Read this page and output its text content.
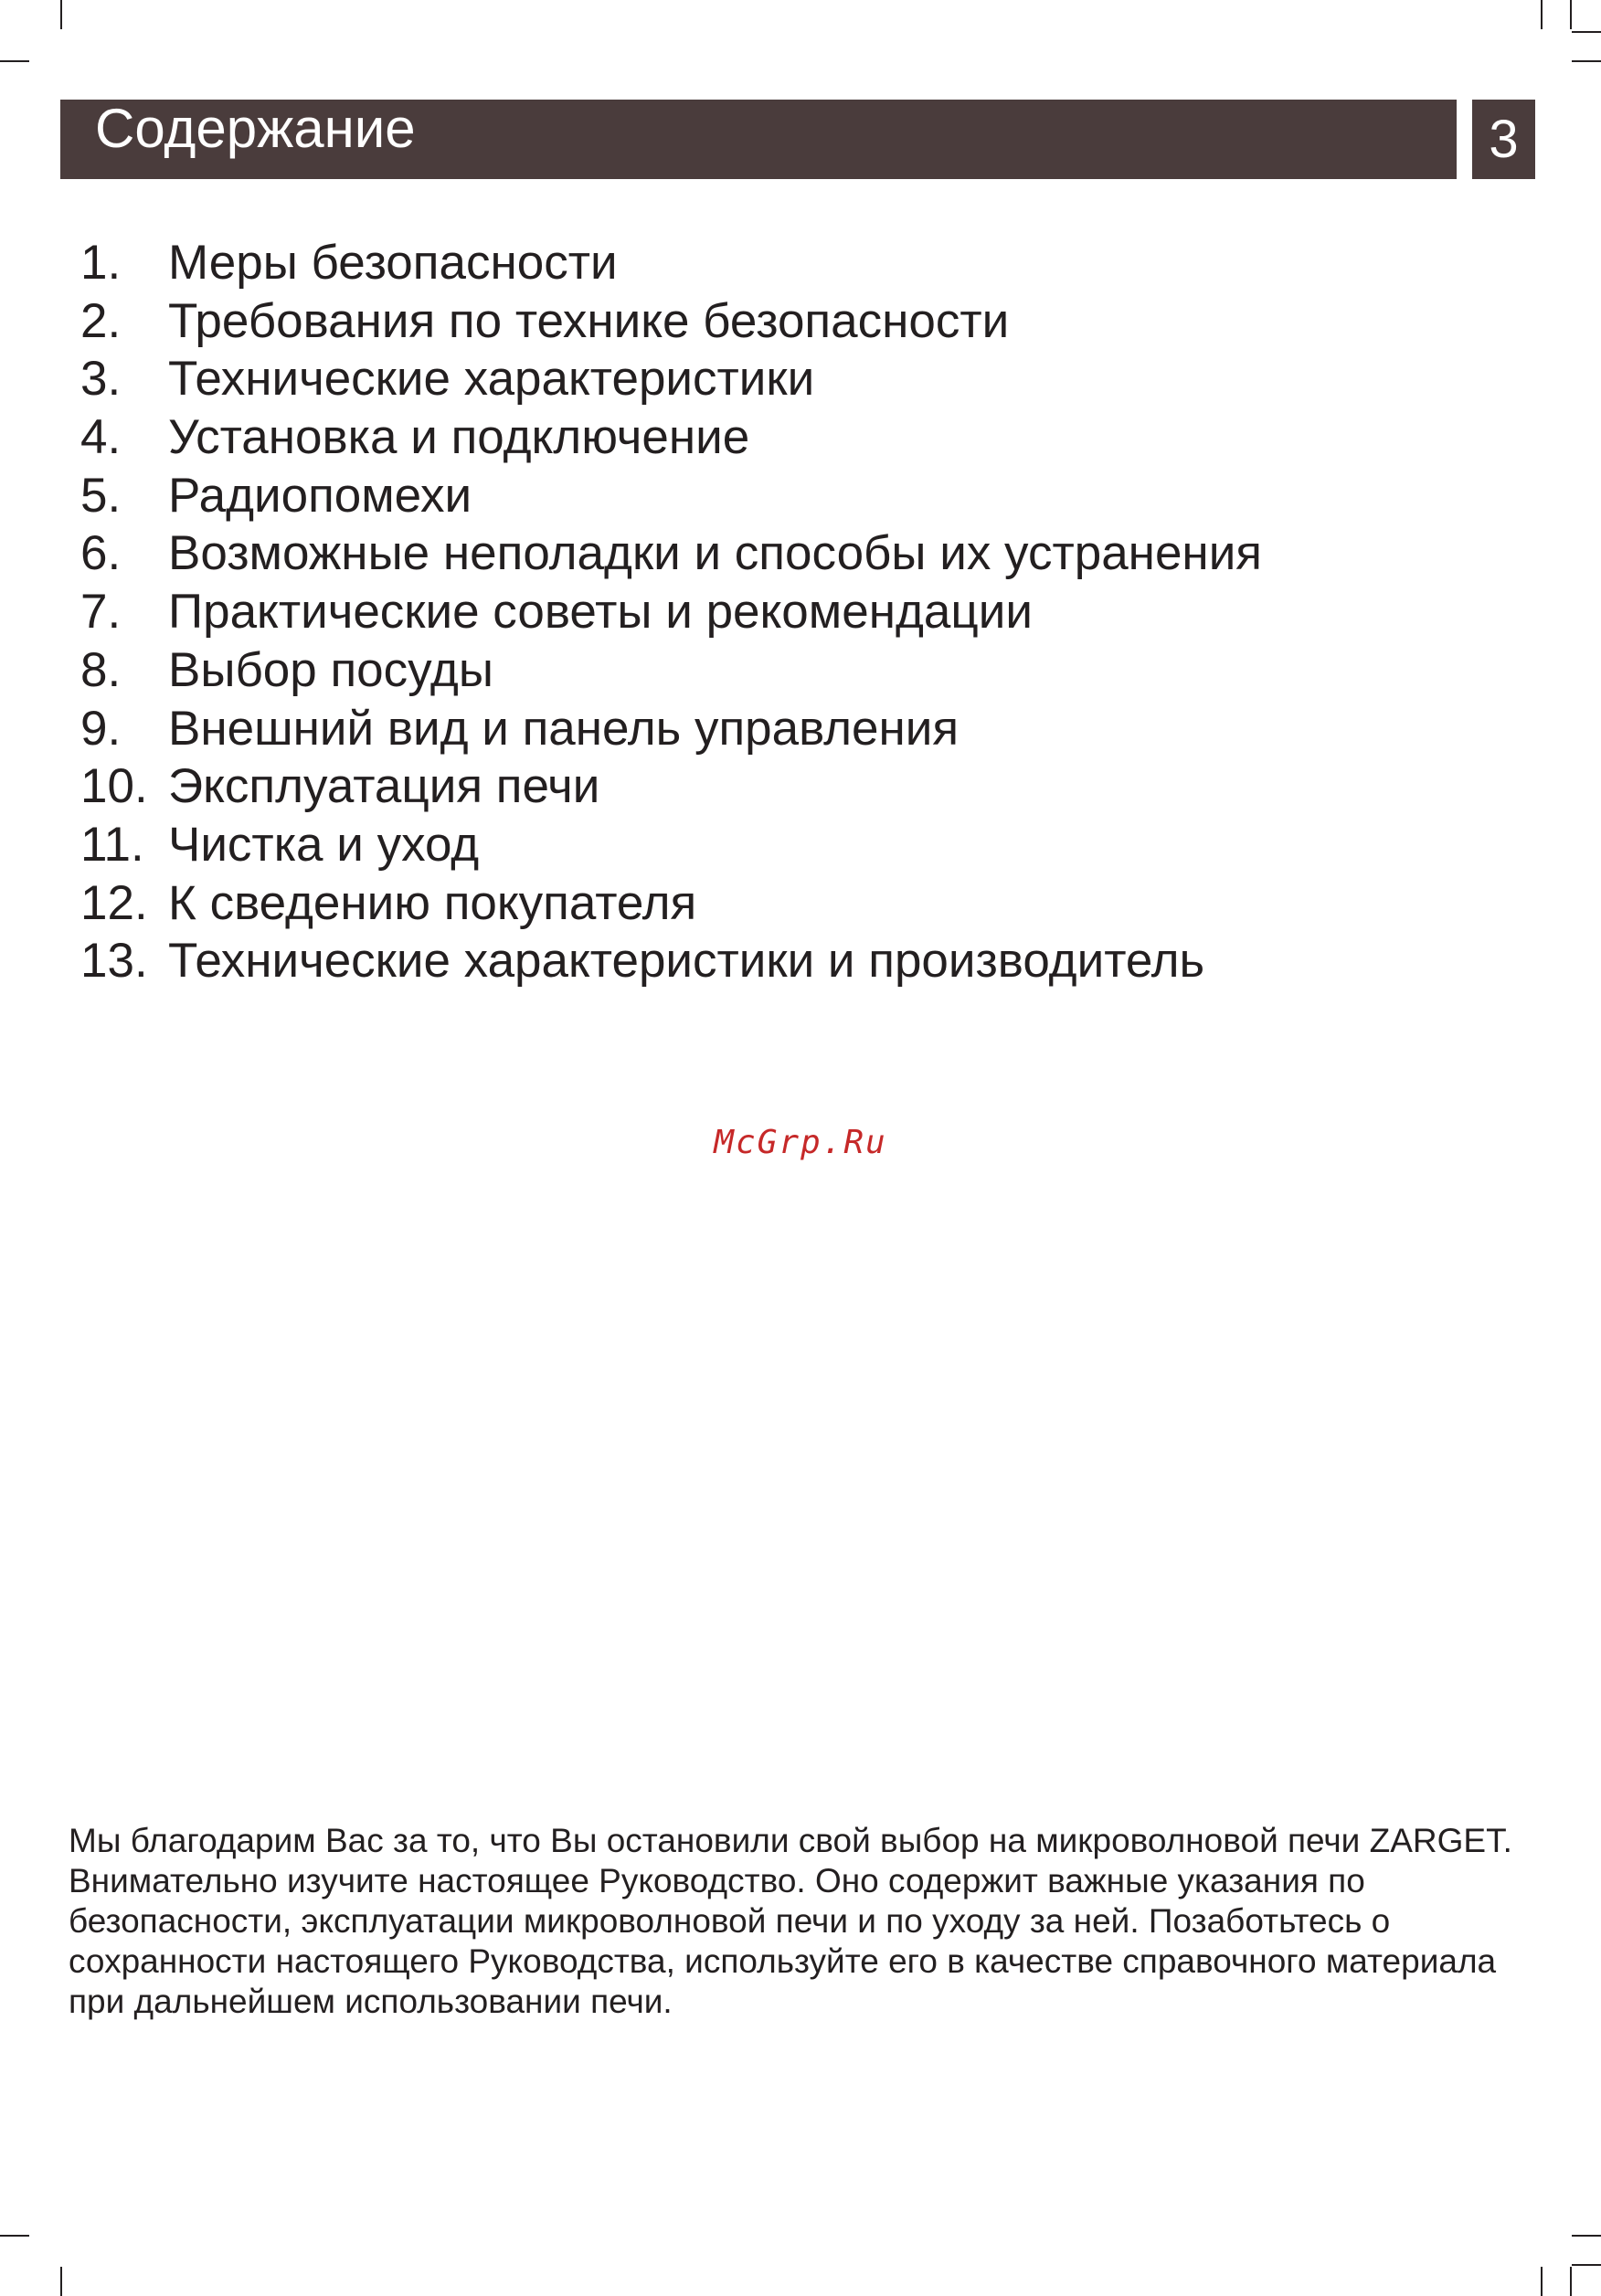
Содержание	3
1. Меры безопасности
2. Требования по технике безопасности
3. Технические характеристики
4. Установка и подключение
5. Радиопомехи
6. Возможные неполадки и способы их устранения
7. Практические советы и рекомендации
8. Выбор посуды
9. Внешний вид и панель управления
10. Эксплуатация печи
11. Чистка и уход
12. К сведению покупателя
13. Технические характеристики и производитель
McGrp.Ru

Мы благодарим Вас за то, что Вы остановили свой выбор на микроволновой печи ZARGET.

Внимательно изучите настоящее Руководство. Оно содержит важные указания по безопасности, эксплуатации микроволновой печи и по уходу за ней. Позаботьтесь о сохранности настоящего Руководства, используйте его в качестве справочного материала при дальнейшем использовании печи.
